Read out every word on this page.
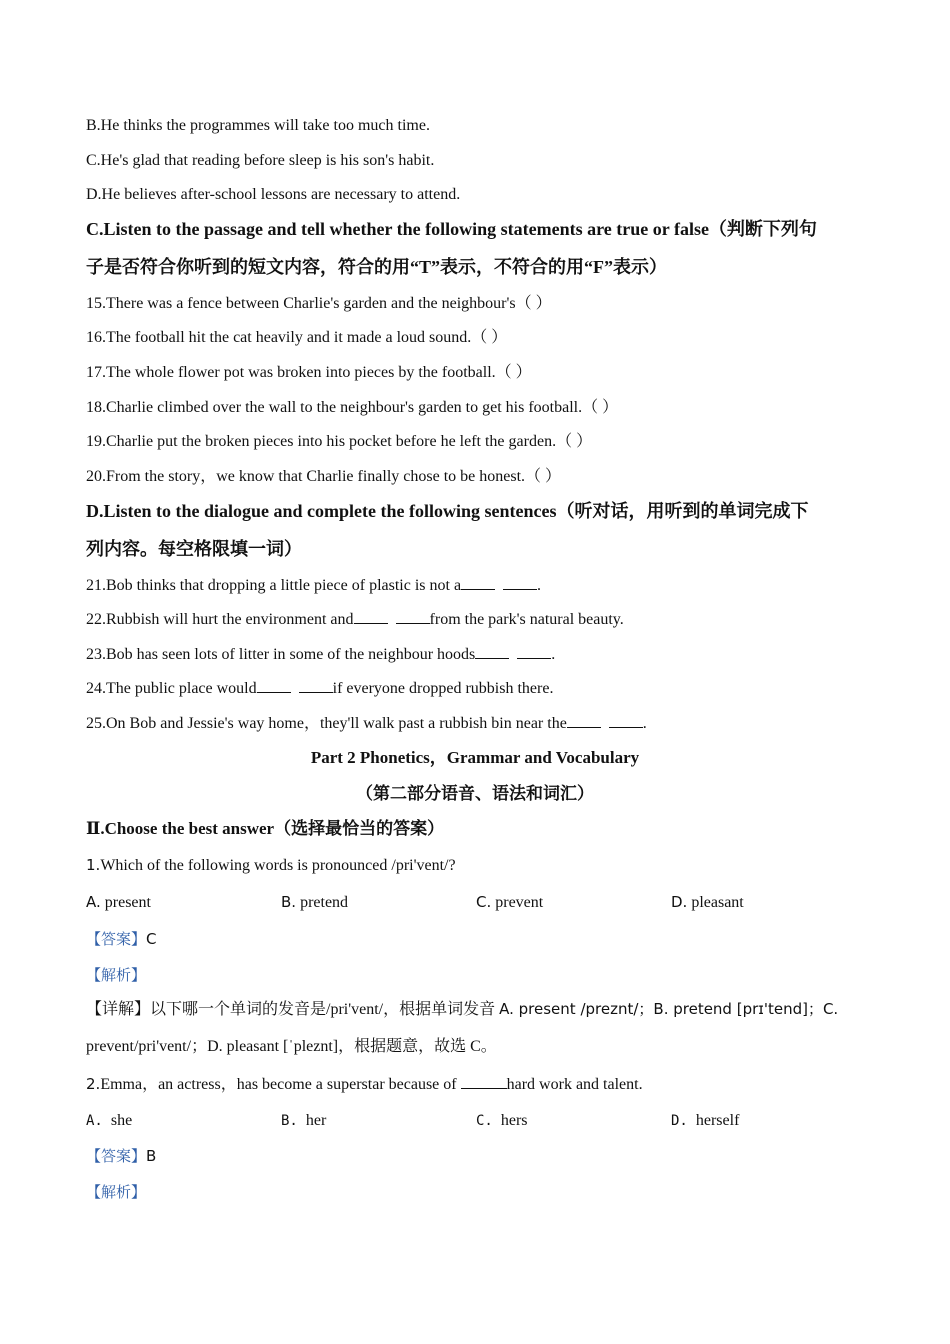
B.He thinks the programmes will take too much time.
C.He's glad that reading before sleep is his son's habit.
D.He believes after-school lessons are necessary to attend.
C.Listen to the passage and tell whether the following statements are true or false（判断下列句
子是否符合你听到的短文内容，符合的用“T”表示，不符合的用“F”表示）
15.There was a fence between Charlie's garden and the neighbour's（ ）
16.The football hit the cat heavily and it made a loud sound.（ ）
17.The whole flower pot was broken into pieces by the football.（ ）
18.Charlie climbed over the wall to the neighbour's garden to get his football.（ ）
19.Charlie put the broken pieces into his pocket before he left the garden.（ ）
20.From the story，we know that Charlie finally chose to be honest.（ ）
D.Listen to the dialogue and complete the following sentences（听对话，用听到的单词完成下
列内容。每空格限填一词）
21.Bob thinks that dropping a little piece of plastic is not a	.
22.Rubbish will hurt the environment and	from the park's natural beauty.
23.Bob has seen lots of litter in some of the neighbour hoods	.
24.The public place would	if everyone dropped rubbish there.
25.On Bob and Jessie's way home，they'll walk past a rubbish bin near the	.
Part 2 Phonetics，Grammar and Vocabulary
（第二部分语音、语法和词汇）
Ⅱ.Choose the best answer（选择最恰当的答案）
1.Which of the following words is pronounced /pri'vent/?
A. present	B. pretend	C. prevent	D. pleasant
【答案】C
【解析】
【详解】以下哪一个单词的发音是/pri'vent/，根据单词发音 A. present /preznt/；B. pretend [prɪ'tend]；C.
prevent/pri'vent/；D. pleasant [ˈpleznt]，根据题意，故选 C。
2.Emma，an actress，has become a superstar because of	hard work and talent.
A. she	B. her	C. hers	D. herself
【答案】B
【解析】
